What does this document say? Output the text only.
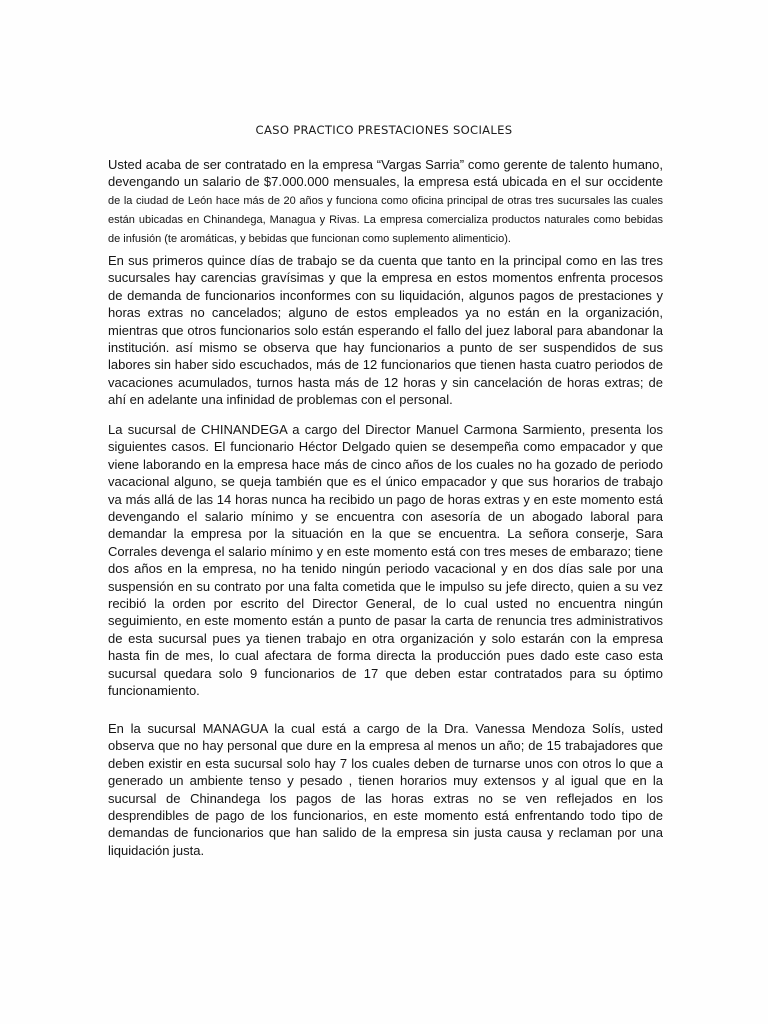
CASO PRACTICO PRESTACIONES SOCIALES

Usted acaba de ser contratado en la empresa “Vargas Sarria” como gerente de talento humano, devengando un salario de $7.000.000 mensuales, la empresa está ubicada en el sur occidente de la ciudad de León hace más de 20 años y funciona como oficina principal de otras tres sucursales las cuales están ubicadas en Chinandega, Managua y Rivas. La empresa comercializa productos naturales como bebidas de infusión (te aromáticas, y bebidas que funcionan como suplemento alimenticio).

En sus primeros quince días de trabajo se da cuenta que tanto en la principal como en las tres sucursales hay carencias gravísimas y que la empresa en estos momentos enfrenta procesos de demanda de funcionarios inconformes con su liquidación, algunos pagos de prestaciones y horas extras no cancelados; alguno de estos empleados ya no están en la organización, mientras que otros funcionarios solo están esperando el fallo del juez laboral para abandonar la institución. así mismo se observa que hay funcionarios a punto de ser suspendidos de sus labores sin haber sido escuchados, más de 12 funcionarios que tienen hasta cuatro periodos de vacaciones acumulados, turnos hasta más de 12 horas y sin cancelación de horas extras; de ahí en adelante una infinidad de problemas con el personal.

La sucursal de CHINANDEGA a cargo del Director Manuel Carmona Sarmiento, presenta los siguientes casos. El funcionario Héctor Delgado quien se desempeña como empacador y que viene laborando en la empresa hace más de cinco años de los cuales no ha gozado de periodo vacacional alguno, se queja también que es el único empacador y que sus horarios de trabajo va más allá de las 14 horas nunca ha recibido un pago de horas extras y en este momento está devengando el salario mínimo y se encuentra con asesoría de un abogado laboral para demandar la empresa por la situación en la que se encuentra. La señora conserje, Sara Corrales devenga el salario mínimo y en este momento está con tres meses de embarazo; tiene dos años en la empresa, no ha tenido ningún periodo vacacional y en dos días sale por una suspensión en su contrato por una falta cometida que le impulso su jefe directo, quien a su vez recibió la orden por escrito del Director General, de lo cual usted no encuentra ningún seguimiento, en este momento están a punto de pasar la carta de renuncia tres administrativos de esta sucursal pues ya tienen trabajo en otra organización y solo estarán con la empresa hasta fin de mes, lo cual afectara de forma directa la producción pues dado este caso esta sucursal quedara solo 9 funcionarios de 17 que deben estar contratados para su óptimo funcionamiento.

En la sucursal MANAGUA la cual está a cargo de la Dra. Vanessa Mendoza Solís, usted observa que no hay personal que dure en la empresa al menos un año; de 15 trabajadores que deben existir en esta sucursal solo hay 7 los cuales deben de turnarse unos con otros lo que a generado un ambiente tenso y pesado , tienen horarios muy extensos y al igual que en la sucursal de Chinandega los pagos de las horas extras no se ven reflejados en los desprendibles de pago de los funcionarios, en este momento está enfrentando todo tipo de demandas de funcionarios que han salido de la empresa sin justa causa y reclaman por una liquidación justa.
